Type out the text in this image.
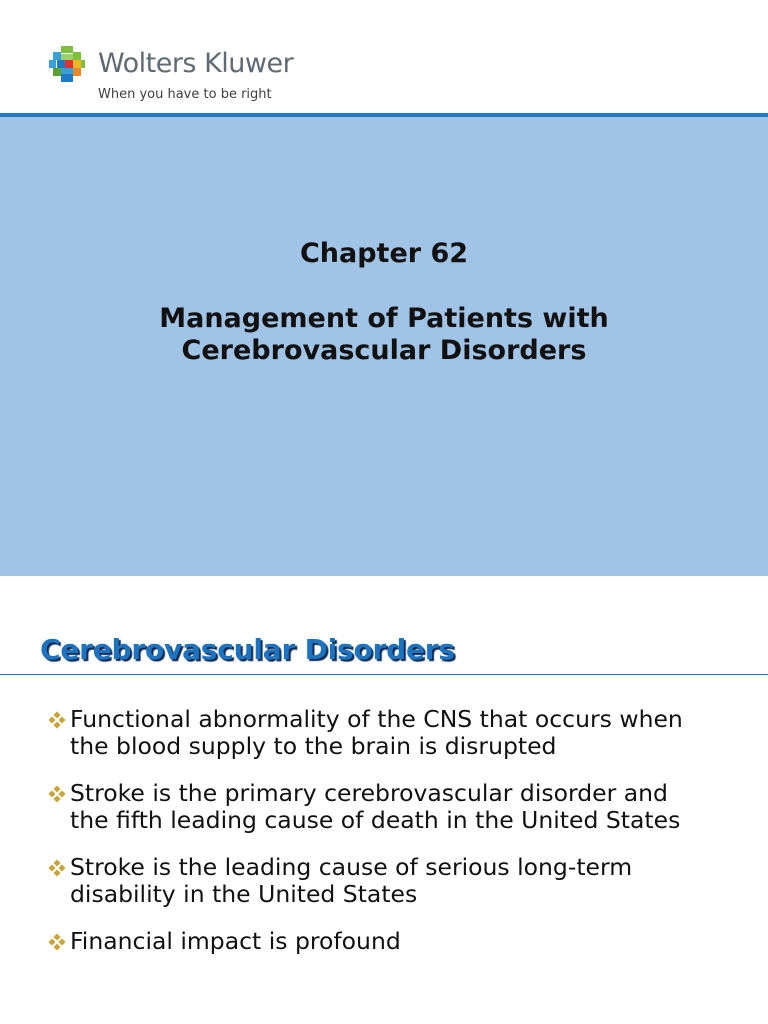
Wolters Kluwer
When you have to be right
Chapter 62
Management of Patients with
Cerebrovascular Disorders
Cerebrovascular Disorders
Functional abnormality of the CNS that occurs when
the blood supply to the brain is disrupted
Stroke is the primary cerebrovascular disorder and
the fifth leading cause of death in the United States
Stroke is the leading cause of serious long-term
disability in the United States
Financial impact is profound
